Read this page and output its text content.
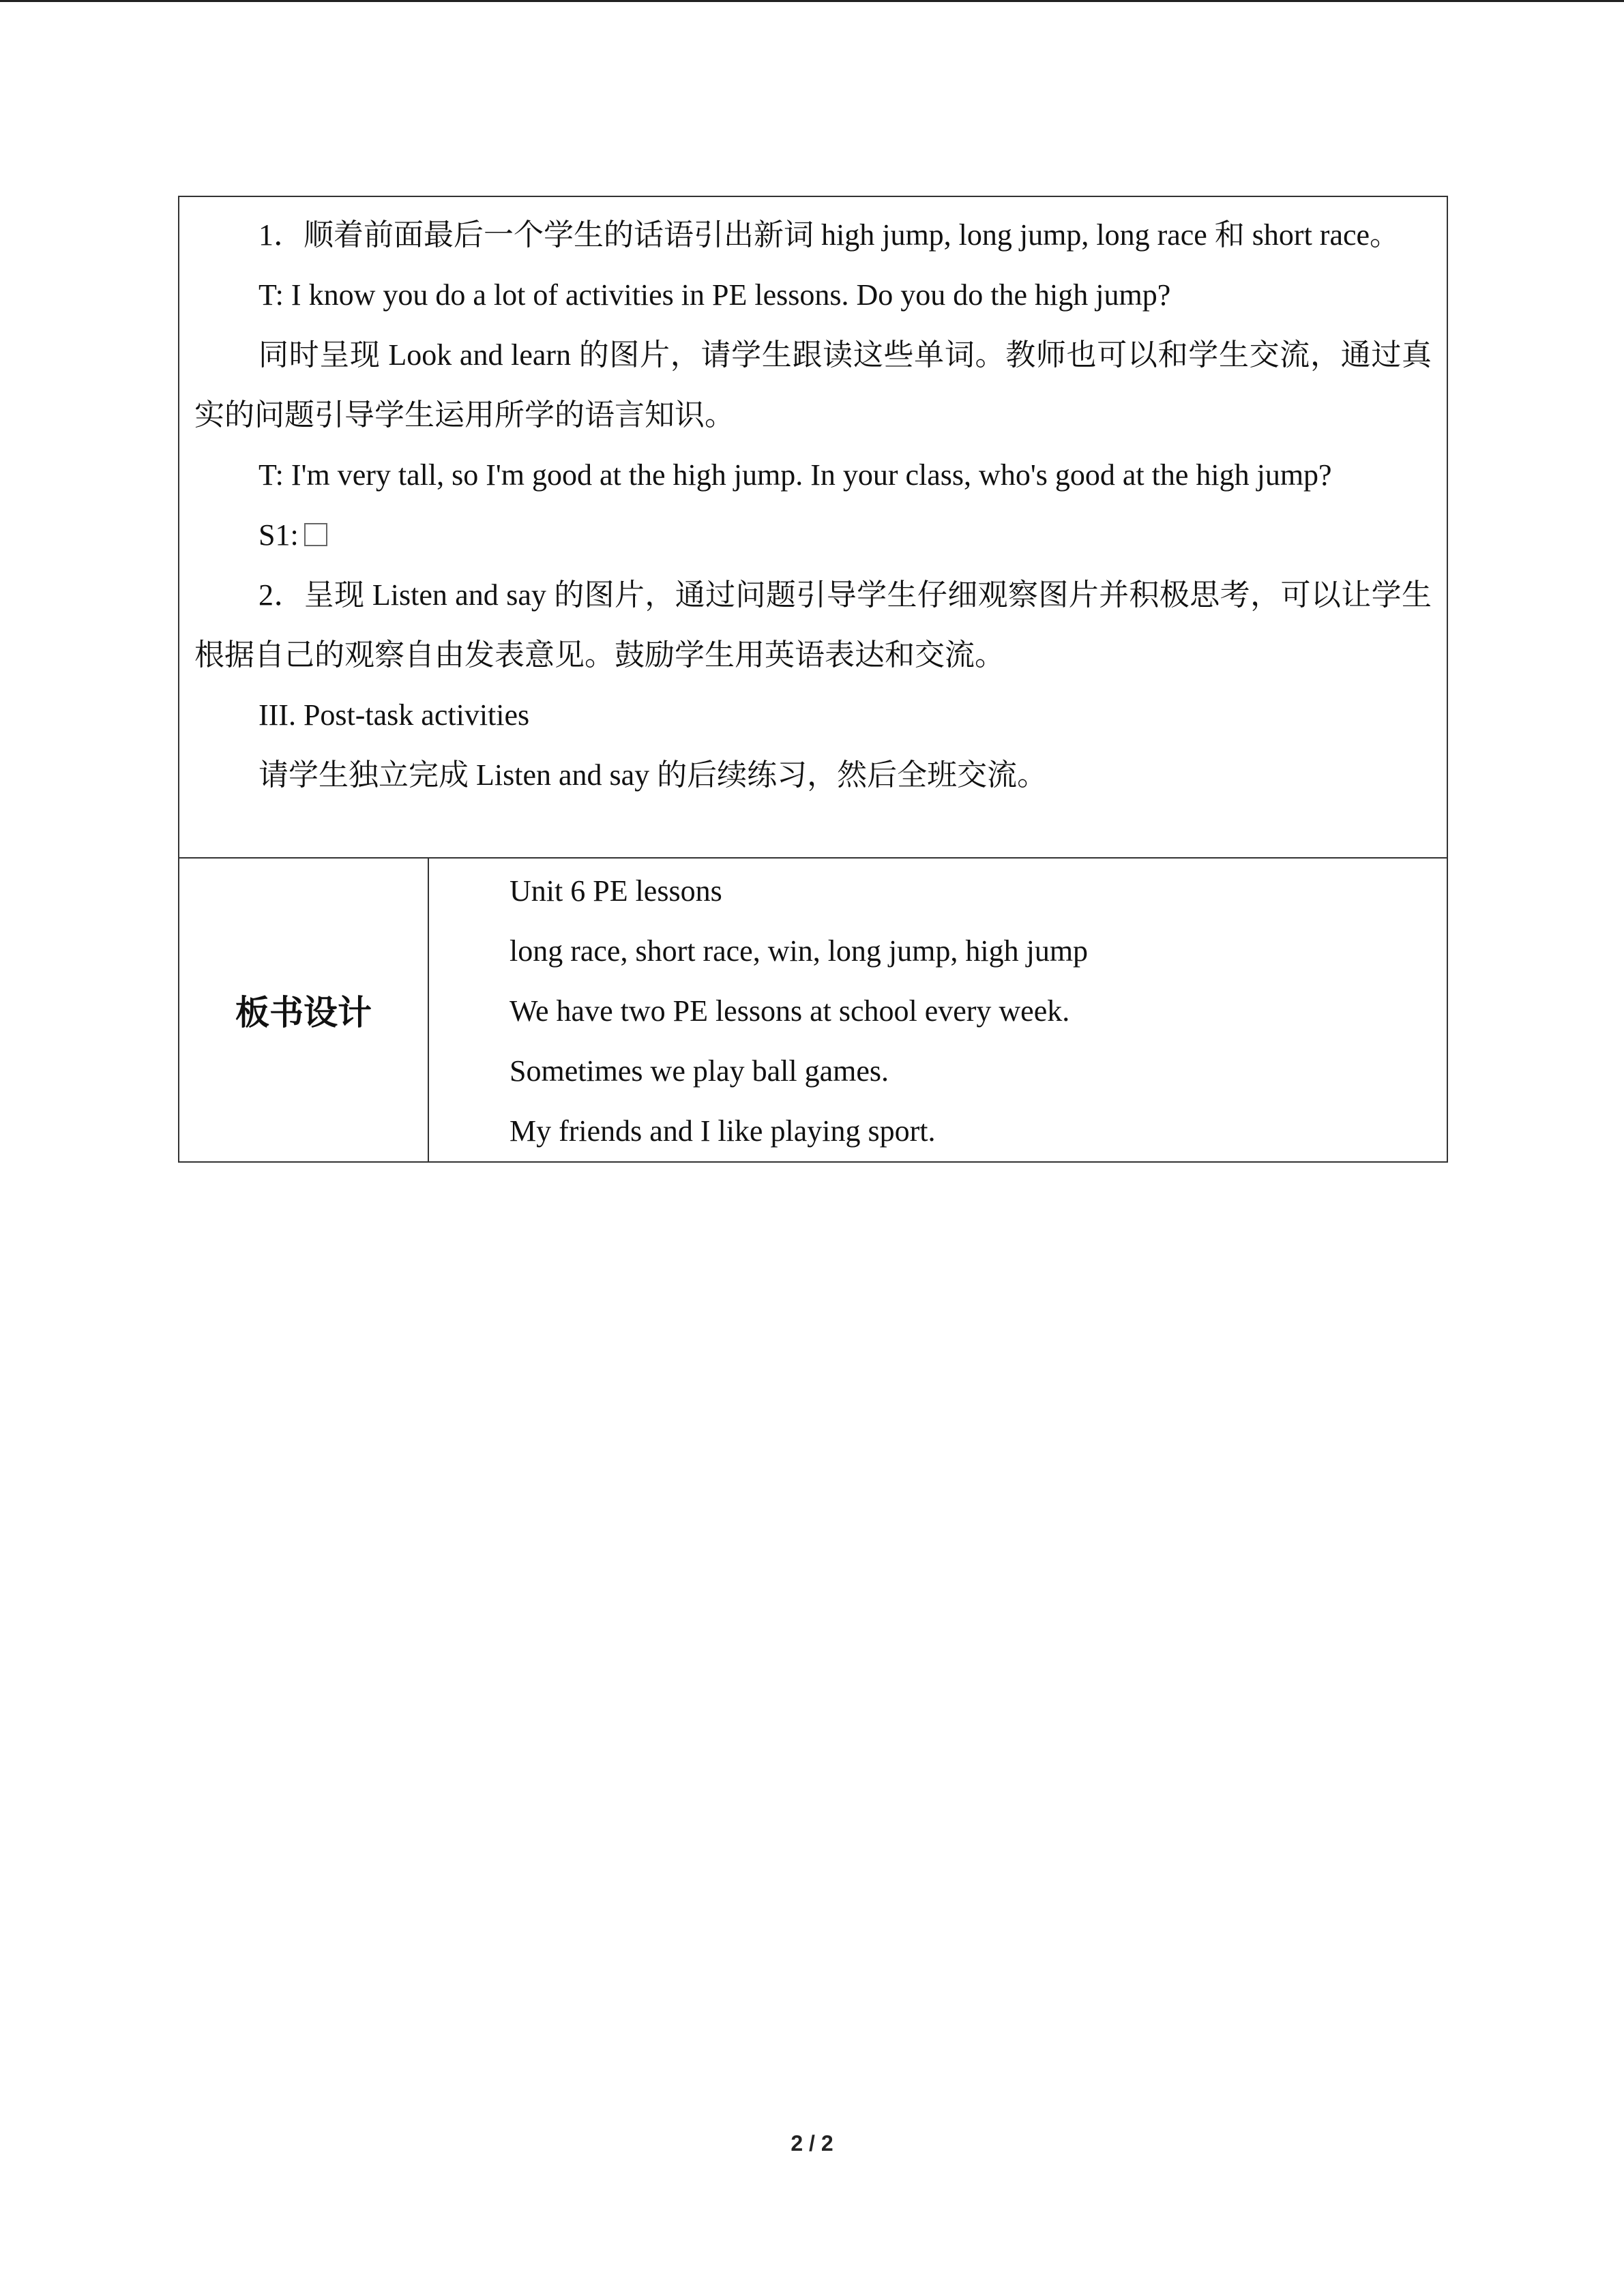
1．顺着前面最后一个学生的话语引出新词 high jump, long jump, long race 和 short race。

T: I know you do a lot of activities in PE lessons. Do you do the high jump?

同时呈现 Look and learn 的图片，请学生跟读这些单词。教师也可以和学生交流，通过真实的问题引导学生运用所学的语言知识。

T: I'm very tall, so I'm good at the high jump. In your class, who's good at the high jump?

S1:

2．呈现 Listen and say 的图片，通过问题引导学生仔细观察图片并积极思考，可以让学生根据自己的观察自由发表意见。鼓励学生用英语表达和交流。

III. Post-task activities

请学生独立完成 Listen and say 的后续练习，然后全班交流。

板书设计	

Unit 6 PE lessons

long race, short race, win, long jump, high jump

We have two PE lessons at school every week.

Sometimes we play ball games.

My friends and I like playing sport.

2 / 2
